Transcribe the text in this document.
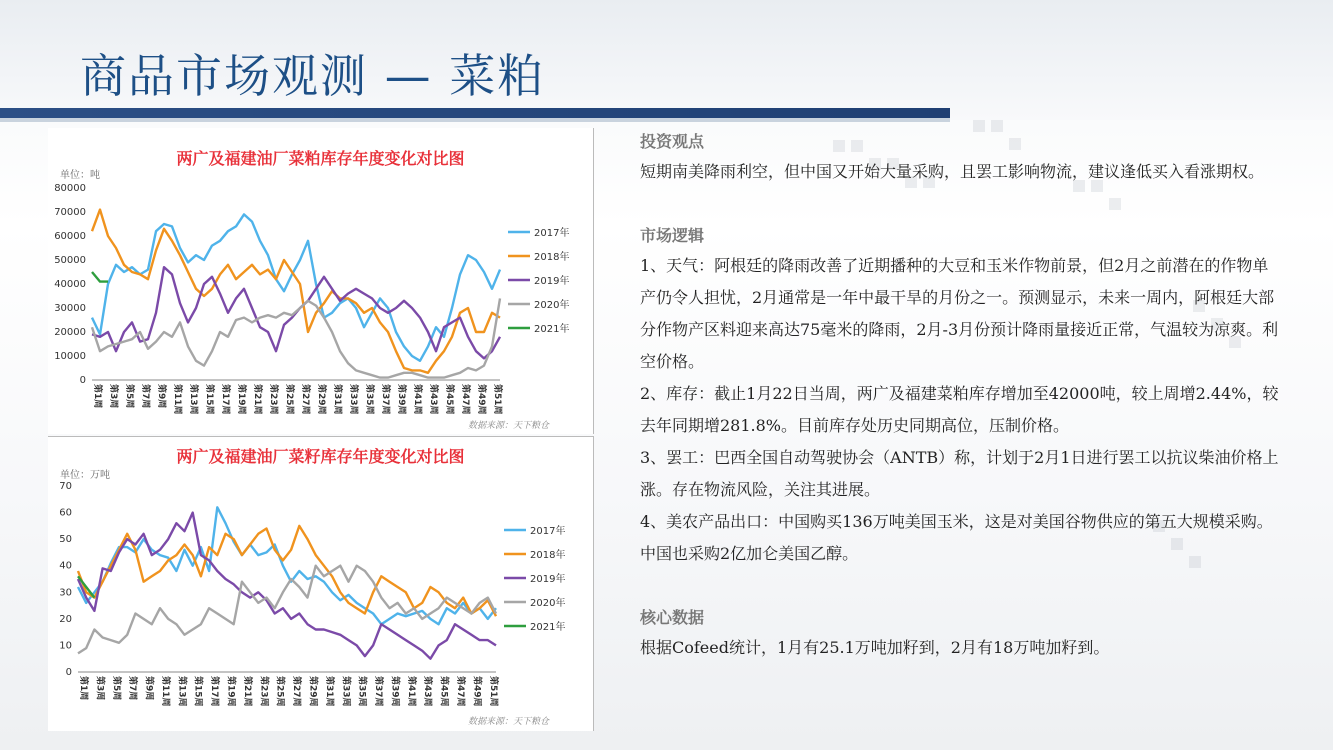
商品市场观测 — 菜粕
两广及福建油厂菜粕库存年度变化对比图
单位：吨
0
10000
20000
30000
40000
50000
60000
70000
80000
第1周 第3周 第5周 第7周 第9周 第11周 第13周 第15周 第17周 第19周 第21周 第23周 第25周 第27周 第29周 第31周 第33周 第35周 第37周 第39周 第41周 第43周 第45周 第47周 第49周 第51周
2017年
2018年
2019年
2020年
2021年
数据来源：天下粮仓
两广及福建油厂菜籽库存年度变化对比图
单位：万吨
0
10
20
30
40
50
60
70
第1周 第3周 第5周 第7周 第9周 第11周 第13周 第15周 第17周 第19周 第21周 第23周 第25周 第27周 第29周 第31周 第33周 第35周 第37周 第39周 第41周 第43周 第45周 第47周 第49周 第51周
2017年
2018年
2019年
2020年
2021年
数据来源：天下粮仓
投资观点
短期南美降雨利空，但中国又开始大量采购，且罢工影响物流，建议逢低买入看涨期权。
市场逻辑
1、天气：阿根廷的降雨改善了近期播种的大豆和玉米作物前景，但2月之前潜在的作物单产仍令人担忧，2月通常是一年中最干旱的月份之一。预测显示，未来一周内，阿根廷大部分作物产区料迎来高达75毫米的降雨，2月-3月份预计降雨量接近正常，气温较为凉爽。利空价格。
2、库存：截止1月22日当周，两广及福建菜粕库存增加至42000吨，较上周增2.44%，较去年同期增281.8%。目前库存处历史同期高位，压制价格。
3、罢工：巴西全国自动驾驶协会（ANTB）称，计划于2月1日进行罢工以抗议柴油价格上涨。存在物流风险，关注其进展。
4、美农产品出口：中国购买136万吨美国玉米，这是对美国谷物供应的第五大规模采购。中国也采购2亿加仑美国乙醇。
核心数据
根据Cofeed统计，1月有25.1万吨加籽到，2月有18万吨加籽到。
